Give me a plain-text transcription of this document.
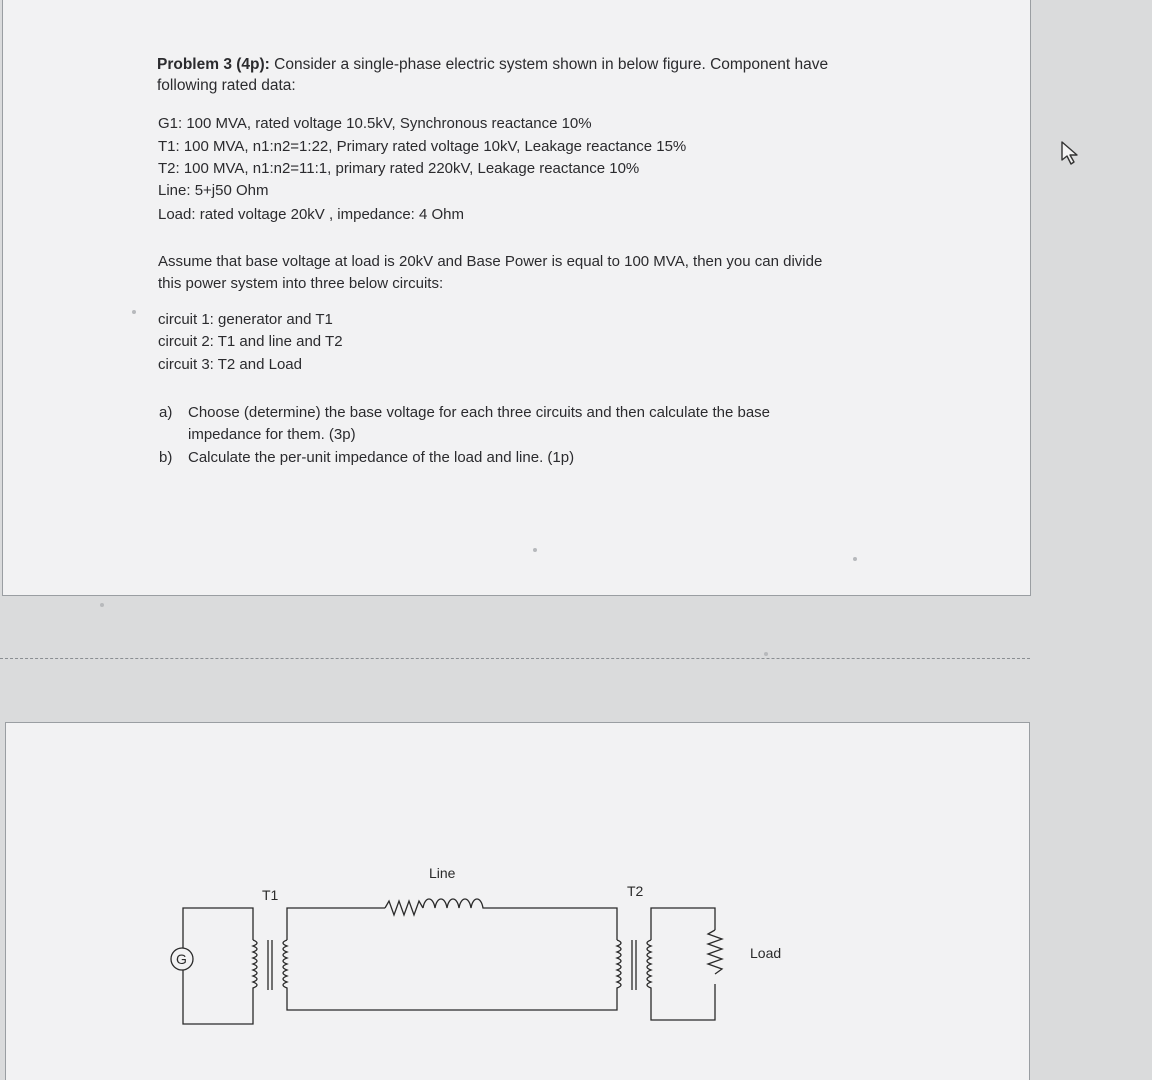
Problem 3 (4p): Consider a single-phase electric system shown in below figure. Component have
following rated data:
G1: 100 MVA, rated voltage 10.5kV, Synchronous reactance 10%
T1: 100 MVA, n1:n2=1:22, Primary rated voltage 10kV, Leakage reactance 15%
T2: 100 MVA, n1:n2=11:1, primary rated 220kV, Leakage reactance 10%
Line: 5+j50 Ohm
Load: rated voltage 20kV , impedance: 4 Ohm
Assume that base voltage at load is 20kV and Base Power is equal to 100 MVA, then you can divide
this power system into three below circuits:
circuit 1: generator and T1
circuit 2: T1 and line and T2
circuit 3: T2 and Load
a) Choose (determine) the base voltage for each three circuits and then calculate the base
impedance for them. (3p)
b) Calculate the per-unit impedance of the load and line. (1p)
G
T1
Line
T2
Load
